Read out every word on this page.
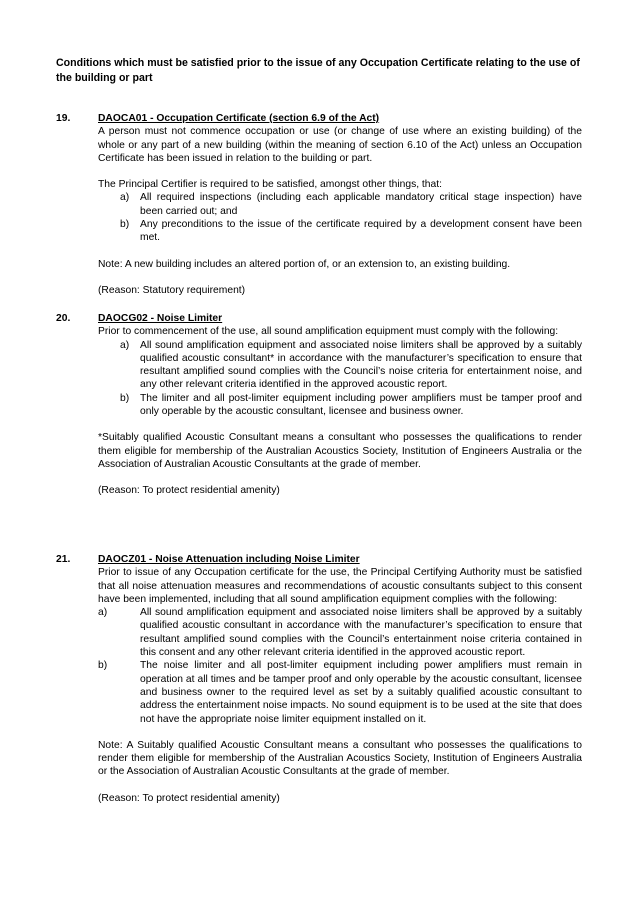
Conditions which must be satisfied prior to the issue of any Occupation Certificate relating to the use of the building or part
19.	DAOCA01 - Occupation Certificate (section 6.9 of the Act)

A person must not commence occupation or use (or change of use where an existing building) of the whole or any part of a new building (within the meaning of section 6.10 of the Act) unless an Occupation Certificate has been issued in relation to the building or part.

The Principal Certifier is required to be satisfied, amongst other things, that:

a) All required inspections (including each applicable mandatory critical stage inspection) have been carried out; and
b) Any preconditions to the issue of the certificate required by a development consent have been met.

Note: A new building includes an altered portion of, or an extension to, an existing building.

(Reason: Statutory requirement)

20.	DAOCG02 - Noise Limiter

Prior to commencement of the use, all sound amplification equipment must comply with the following:

a) All sound amplification equipment and associated noise limiters shall be approved by a suitably qualified acoustic consultant* in accordance with the manufacturer’s specification to ensure that resultant amplified sound complies with the Council’s noise criteria for entertainment noise, and any other relevant criteria identified in the approved acoustic report.
b) The limiter and all post-limiter equipment including power amplifiers must be tamper proof and only operable by the acoustic consultant, licensee and business owner.

*Suitably qualified Acoustic Consultant means a consultant who possesses the qualifications to render them eligible for membership of the Australian Acoustics Society, Institution of Engineers Australia or the Association of Australian Acoustic Consultants at the grade of member.

(Reason: To protect residential amenity)

21.	DAOCZ01 - Noise Attenuation including Noise Limiter

Prior to issue of any Occupation certificate for the use, the Principal Certifying Authority must be satisfied that all noise attenuation measures and recommendations of acoustic consultants subject to this consent have been implemented, including that all sound amplification equipment complies with the following:

a)	All sound amplification equipment and associated noise limiters shall be approved by a suitably qualified acoustic consultant in accordance with the manufacturer’s specification to ensure that resultant amplified sound complies with the Council’s entertainment noise criteria contained in this consent and any other relevant criteria identified in the approved acoustic report.
b)	The noise limiter and all post-limiter equipment including power amplifiers must remain in operation at all times and be tamper proof and only operable by the acoustic consultant, licensee and business owner to the required level as set by a suitably qualified acoustic consultant to address the entertainment noise impacts. No sound equipment is to be used at the site that does not have the appropriate noise limiter equipment installed on it.

Note: A Suitably qualified Acoustic Consultant means a consultant who possesses the qualifications to render them eligible for membership of the Australian Acoustics Society, Institution of Engineers Australia or the Association of Australian Acoustic Consultants at the grade of member.

(Reason: To protect residential amenity)
